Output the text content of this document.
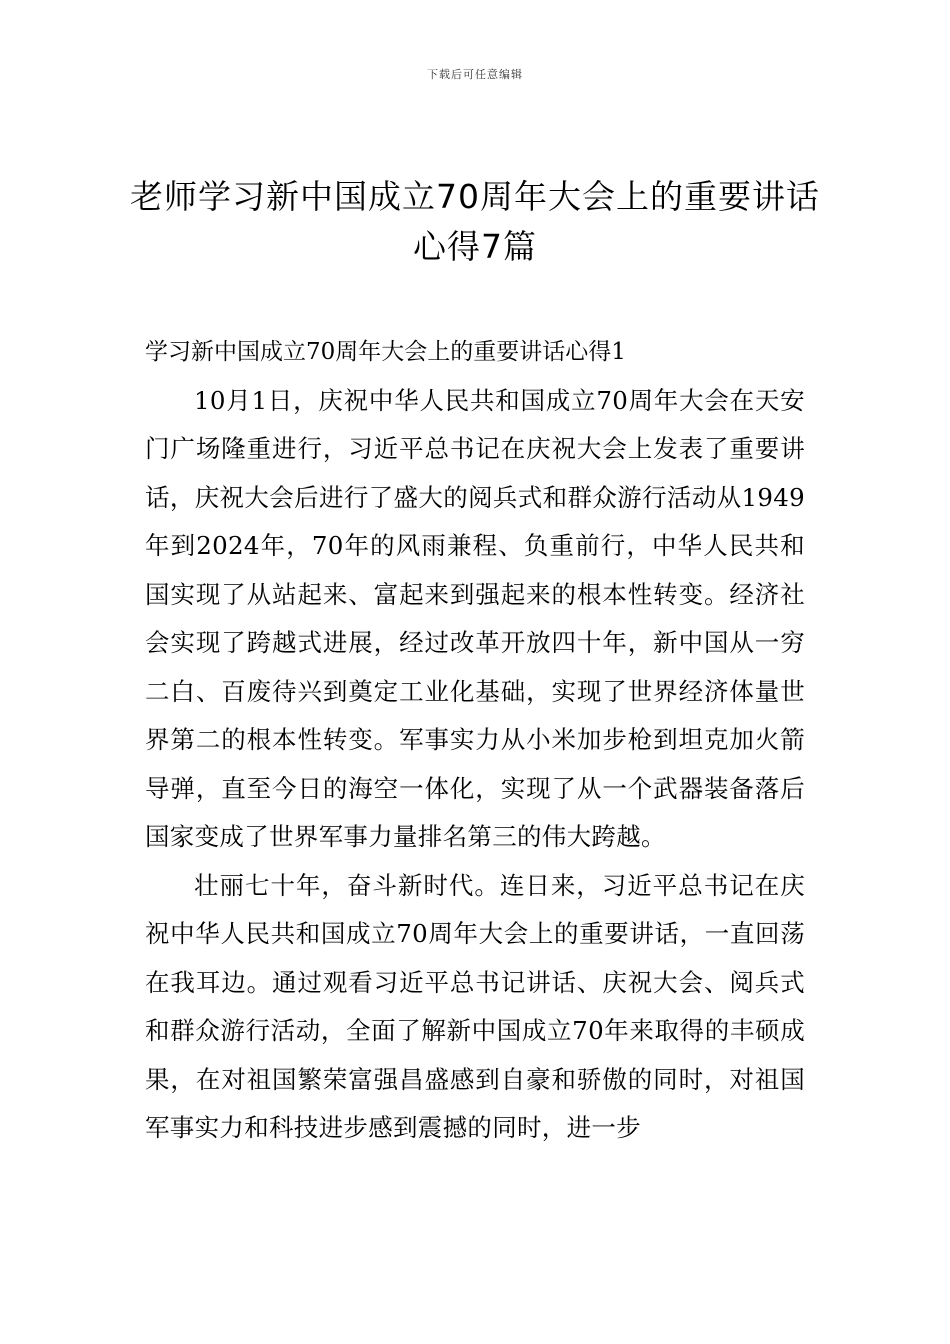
下载后可任意编辑
老师学习新中国成立70周年大会上的重要讲话心得7篇

学习新中国成立70周年大会上的重要讲话心得1

10月1日，庆祝中华人民共和国成立70周年大会在天安门广场隆重进行，习近平总书记在庆祝大会上发表了重要讲话，庆祝大会后进行了盛大的阅兵式和群众游行活动从1949年到2024年，70年的风雨兼程、负重前行，中华人民共和国实现了从站起来、富起来到强起来的根本性转变。经济社会实现了跨越式进展，经过改革开放四十年，新中国从一穷二白、百废待兴到奠定工业化基础，实现了世界经济体量世界第二的根本性转变。军事实力从小米加步枪到坦克加火箭导弹，直至今日的海空一体化，实现了从一个武器装备落后国家变成了世界军事力量排名第三的伟大跨越。

壮丽七十年，奋斗新时代。连日来，习近平总书记在庆祝中华人民共和国成立70周年大会上的重要讲话，一直回荡在我耳边。通过观看习近平总书记讲话、庆祝大会、阅兵式和群众游行活动，全面了解新中国成立70年来取得的丰硕成果，在对祖国繁荣富强昌盛感到自豪和骄傲的同时，对祖国军事实力和科技进步感到震撼的同时，进一步
